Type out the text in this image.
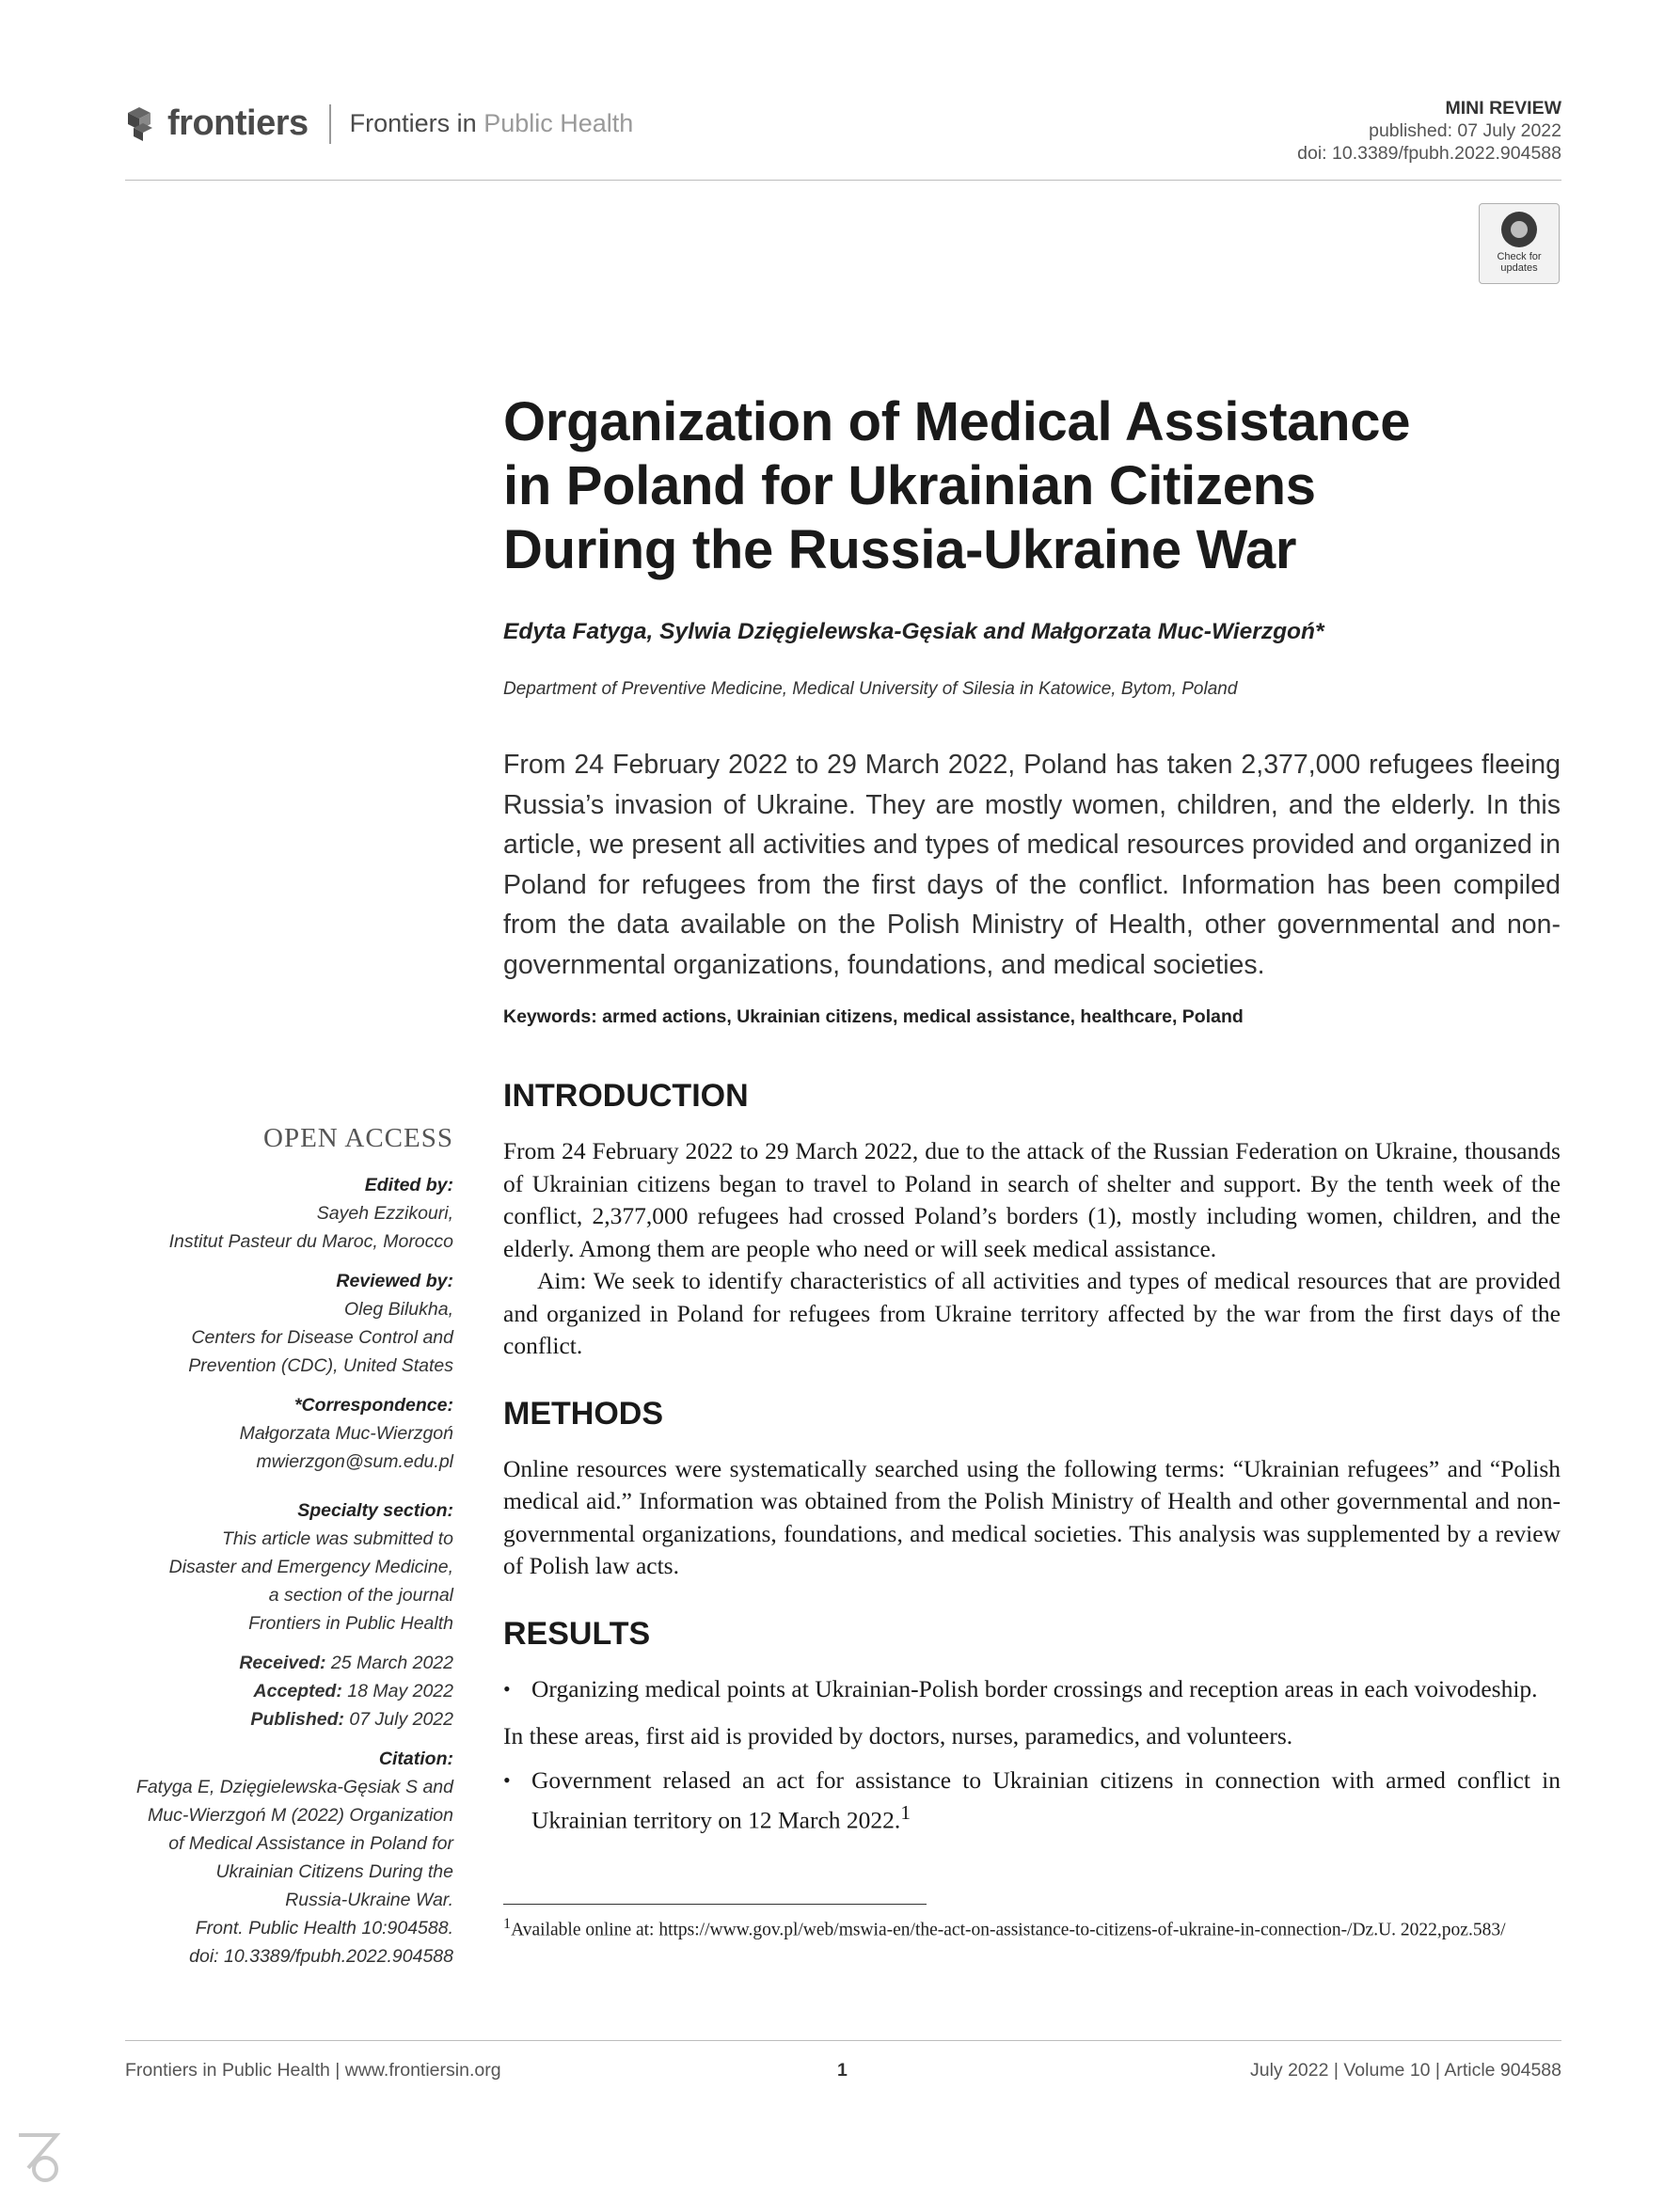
frontiers Frontiers in Public Health
MINI REVIEW
published: 07 July 2022
doi: 10.3389/fpubh.2022.904588
Check for
updates
Organization of Medical Assistance
in Poland for Ukrainian Citizens
During the Russia-Ukraine War
Edyta Fatyga, Sylwia Dzięgielewska-Gęsiak and Małgorzata Muc-Wierzgoń*
Department of Preventive Medicine, Medical University of Silesia in Katowice, Bytom, Poland
From 24 February 2022 to 29 March 2022, Poland has taken 2,377,000 refugees fleeing Russia’s invasion of Ukraine. They are mostly women, children, and the elderly. In this article, we present all activities and types of medical resources provided and organized in Poland for refugees from the first days of the conflict. Information has been compiled from the data available on the Polish Ministry of Health, other governmental and non-governmental organizations, foundations, and medical societies.
Keywords: armed actions, Ukrainian citizens, medical assistance, healthcare, Poland
OPEN ACCESS
Edited by:
Sayeh Ezzikouri,
Institut Pasteur du Maroc, Morocco
Reviewed by:
Oleg Bilukha,
Centers for Disease Control and
Prevention (CDC), United States
*Correspondence:
Małgorzata Muc-Wierzgoń
mwierzgon@sum.edu.pl
Specialty section:
This article was submitted to
Disaster and Emergency Medicine,
a section of the journal
Frontiers in Public Health
Received: 25 March 2022
Accepted: 18 May 2022
Published: 07 July 2022
Citation:
Fatyga E, Dzięgielewska-Gęsiak S and
Muc-Wierzgoń M (2022) Organization
of Medical Assistance in Poland for
Ukrainian Citizens During the
Russia-Ukraine War.
Front. Public Health 10:904588.
doi: 10.3389/fpubh.2022.904588
INTRODUCTION

From 24 February 2022 to 29 March 2022, due to the attack of the Russian Federation on Ukraine, thousands of Ukrainian citizens began to travel to Poland in search of shelter and support. By the tenth week of the conflict, 2,377,000 refugees had crossed Poland’s borders (1), mostly including women, children, and the elderly. Among them are people who need or will seek medical assistance.

Aim: We seek to identify characteristics of all activities and types of medical resources that are provided and organized in Poland for refugees from Ukraine territory affected by the war from the first days of the conflict.

METHODS

Online resources were systematically searched using the following terms: “Ukrainian refugees” and “Polish medical aid.” Information was obtained from the Polish Ministry of Health and other governmental and non-governmental organizations, foundations, and medical societies. This analysis was supplemented by a review of Polish law acts.

RESULTS
• Organizing medical points at Ukrainian-Polish border crossings and reception areas in each voivodeship.

In these areas, first aid is provided by doctors, nurses, paramedics, and volunteers.

• Government relased an act for assistance to Ukrainian citizens in connection with armed conflict in Ukrainian territory on 12 March 2022.$^1$
$^1$Available online at: https://www.gov.pl/web/mswia-en/the-act-on-assistance-to-citizens-of-ukraine-in-connection-/Dz.U. 2022,poz.583/
Frontiers in Public Health | www.frontiersin.org	1	July 2022 | Volume 10 | Article 904588
